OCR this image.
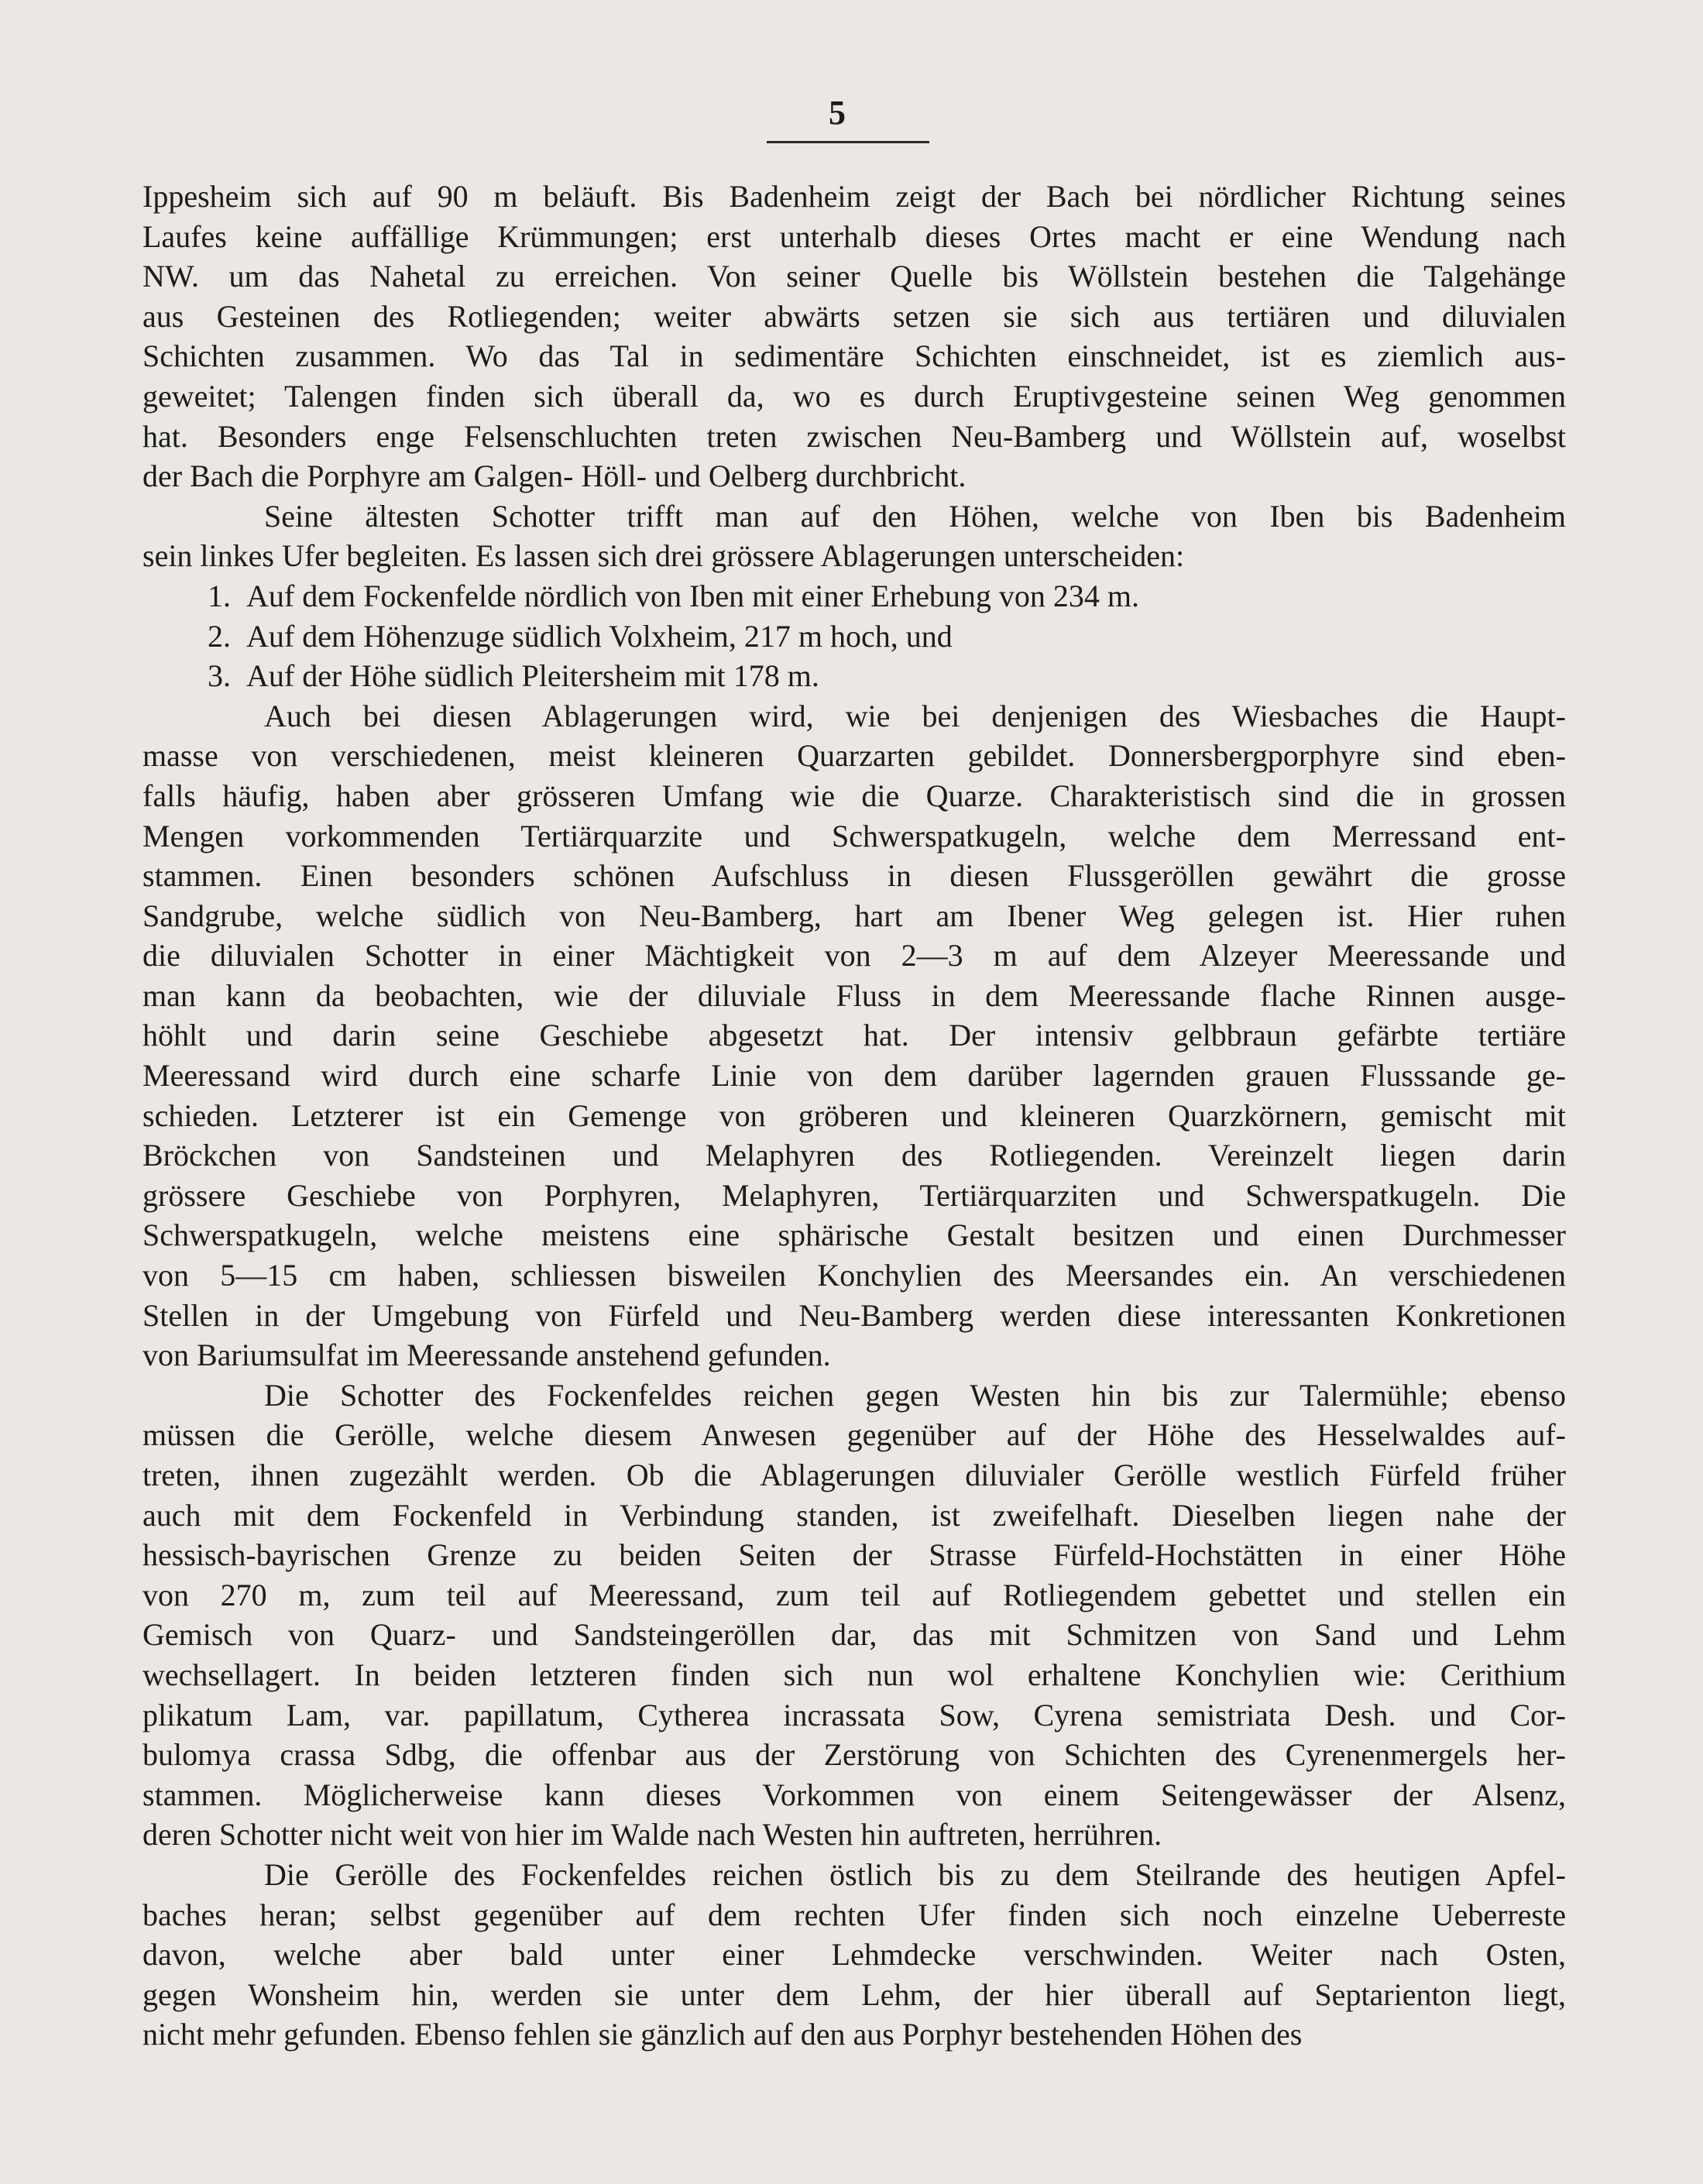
5

Ippesheim sich auf 90 m beläuft. Bis Badenheim zeigt der Bach bei nördlicher Richtung seines

Laufes keine auffällige Krümmungen; erst unterhalb dieses Ortes macht er eine Wendung nach

NW. um das Nahetal zu erreichen. Von seiner Quelle bis Wöllstein bestehen die Talgehänge

aus Gesteinen des Rotliegenden; weiter abwärts setzen sie sich aus tertiären und diluvialen

Schichten zusammen. Wo das Tal in sedimentäre Schichten einschneidet, ist es ziemlich aus-

geweitet; Talengen finden sich überall da, wo es durch Eruptivgesteine seinen Weg genommen

hat. Besonders enge Felsenschluchten treten zwischen Neu-Bamberg und Wöllstein auf, woselbst

der Bach die Porphyre am Galgen- Höll- und Oelberg durchbricht.

Seine ältesten Schotter trifft man auf den Höhen, welche von Iben bis Badenheim

sein linkes Ufer begleiten. Es lassen sich drei grössere Ablagerungen unterscheiden:

1. Auf dem Fockenfelde nördlich von Iben mit einer Erhebung von 234 m.
2. Auf dem Höhenzuge südlich Volxheim, 217 m hoch, und
3. Auf der Höhe südlich Pleitersheim mit 178 m.

Auch bei diesen Ablagerungen wird, wie bei denjenigen des Wiesbaches die Haupt-

masse von verschiedenen, meist kleineren Quarzarten gebildet. Donnersbergporphyre sind eben-

falls häufig, haben aber grösseren Umfang wie die Quarze. Charakteristisch sind die in grossen

Mengen vorkommenden Tertiärquarzite und Schwerspatkugeln, welche dem Merressand ent-

stammen. Einen besonders schönen Aufschluss in diesen Flussgeröllen gewährt die grosse

Sandgrube, welche südlich von Neu-Bamberg, hart am Ibener Weg gelegen ist. Hier ruhen

die diluvialen Schotter in einer Mächtigkeit von 2—3 m auf dem Alzeyer Meeressande und

man kann da beobachten, wie der diluviale Fluss in dem Meeressande flache Rinnen ausge-

höhlt und darin seine Geschiebe abgesetzt hat. Der intensiv gelbbraun gefärbte tertiäre

Meeressand wird durch eine scharfe Linie von dem darüber lagernden grauen Flusssande ge-

schieden. Letzterer ist ein Gemenge von gröberen und kleineren Quarzkörnern, gemischt mit

Bröckchen von Sandsteinen und Melaphyren des Rotliegenden. Vereinzelt liegen darin

grössere Geschiebe von Porphyren, Melaphyren, Tertiärquarziten und Schwerspatkugeln. Die

Schwerspatkugeln, welche meistens eine sphärische Gestalt besitzen und einen Durchmesser

von 5—15 cm haben, schliessen bisweilen Konchylien des Meersandes ein. An verschiedenen

Stellen in der Umgebung von Fürfeld und Neu-Bamberg werden diese interessanten Konkretionen

von Bariumsulfat im Meeressande anstehend gefunden.

Die Schotter des Fockenfeldes reichen gegen Westen hin bis zur Talermühle; ebenso

müssen die Gerölle, welche diesem Anwesen gegenüber auf der Höhe des Hesselwaldes auf-

treten, ihnen zugezählt werden. Ob die Ablagerungen diluvialer Gerölle westlich Fürfeld früher

auch mit dem Fockenfeld in Verbindung standen, ist zweifelhaft. Dieselben liegen nahe der

hessisch-bayrischen Grenze zu beiden Seiten der Strasse Fürfeld-Hochstätten in einer Höhe

von 270 m, zum teil auf Meeressand, zum teil auf Rotliegendem gebettet und stellen ein

Gemisch von Quarz- und Sandsteingeröllen dar, das mit Schmitzen von Sand und Lehm

wechsellagert. In beiden letzteren finden sich nun wol erhaltene Konchylien wie: Cerithium

plikatum Lam, var. papillatum, Cytherea incrassata Sow, Cyrena semistriata Desh. und Cor-

bulomya crassa Sdbg, die offenbar aus der Zerstörung von Schichten des Cyrenenmergels her-

stammen. Möglicherweise kann dieses Vorkommen von einem Seitengewässer der Alsenz,

deren Schotter nicht weit von hier im Walde nach Westen hin auftreten, herrühren.

Die Gerölle des Fockenfeldes reichen östlich bis zu dem Steilrande des heutigen Apfel-

baches heran; selbst gegenüber auf dem rechten Ufer finden sich noch einzelne Ueberreste

davon, welche aber bald unter einer Lehmdecke verschwinden. Weiter nach Osten,

gegen Wonsheim hin, werden sie unter dem Lehm, der hier überall auf Septarienton liegt,

nicht mehr gefunden. Ebenso fehlen sie gänzlich auf den aus Porphyr bestehenden Höhen des
